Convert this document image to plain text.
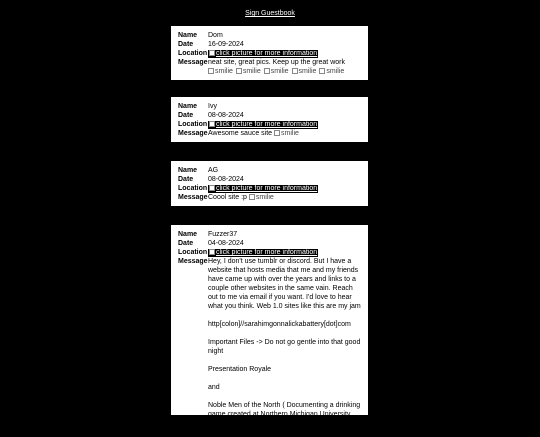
Sign Guestbook
Name	Dom
Date	16-09-2024
Location	click picture for more information
Message neat site, great pics. Keep up the great work
smilie smilie smilie smilie smilie
Name	Ivy
Date	08-08-2024
Location	click picture for more information
Message Awesome sauce site smilie
Name	AG
Date	08-08-2024
Location	click picture for more information
Message Coool site :p smilie
Name	Fuzzer37
Date	04-08-2024
Location	click picture for more information
Message Hey, I don't use tumblr or discord. But I have a website that hosts media that me and my friends have came up with over the years and links to a couple other websites in the same vain. Reach out to me via email if you want. I'd love to hear what you think. Web 1.0 sites like this are my jam
http[colon]//sarahimgonnalickabattery[dot]com
Important Files -> Do not go gentle into that good night
Presentation Royale
and
Noble Men of the North ( Documenting a drinking game created at Northern Michigan University, and insured several times at Oakland University in
